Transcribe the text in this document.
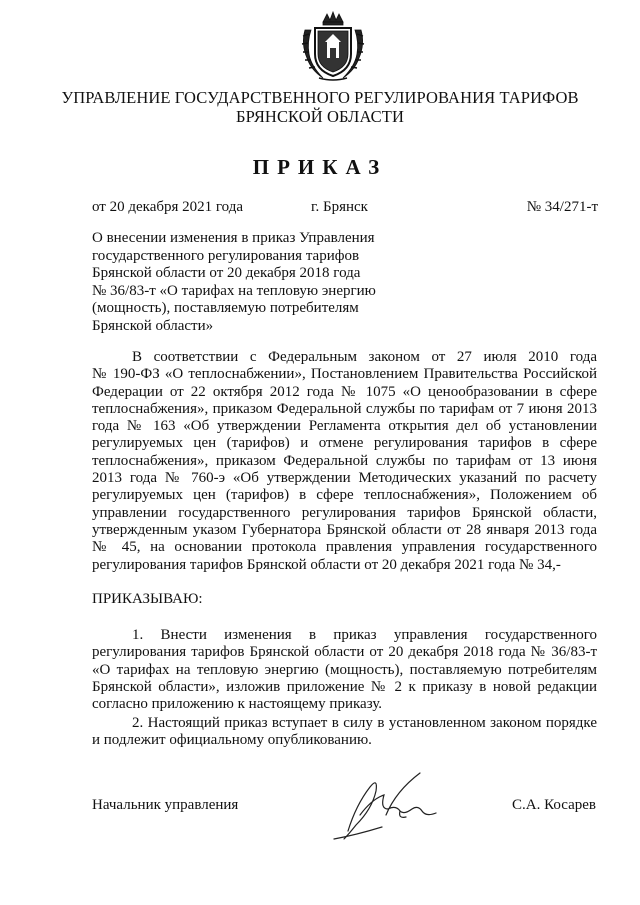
УПРАВЛЕНИЕ ГОСУДАРСТВЕННОГО РЕГУЛИРОВАНИЯ ТАРИФОВ
БРЯНСКОЙ ОБЛАСТИ
ПРИКАЗ
от 20 декабря 2021 года	г. Брянск	№ 34/271-т
О внесении изменения в приказ Управления
государственного регулирования тарифов
Брянской области от 20 декабря 2018 года
№ 36/83-т «О тарифах на тепловую энергию
(мощность), поставляемую потребителям
Брянской области»
В соответствии с Федеральным законом от 27 июля 2010 года
№ 190-ФЗ «О теплоснабжении», Постановлением Правительства Российской
Федерации от 22 октября 2012 года № 1075 «О ценообразовании в сфере
теплоснабжения», приказом Федеральной службы по тарифам от 7 июня 2013
года № 163 «Об утверждении Регламента открытия дел об установлении
регулируемых цен (тарифов) и отмене регулирования тарифов в сфере
теплоснабжения», приказом Федеральной службы по тарифам от 13 июня
2013 года № 760-э «Об утверждении Методических указаний по расчету
регулируемых цен (тарифов) в сфере теплоснабжения», Положением об
управлении государственного регулирования тарифов Брянской области,
утвержденным указом Губернатора Брянской области от 28 января 2013 года
№ 45, на основании протокола правления управления государственного
регулирования тарифов Брянской области от 20 декабря 2021 года № 34,-
ПРИКАЗЫВАЮ:
1. Внести изменения в приказ управления государственного
регулирования тарифов Брянской области от 20 декабря 2018 года № 36/83-т
«О тарифах на тепловую энергию (мощность), поставляемую потребителям
Брянской области», изложив приложение № 2 к приказу в новой редакции
согласно приложению к настоящему приказу.
2. Настоящий приказ вступает в силу в установленном законом порядке
и подлежит официальному опубликованию.
Начальник управления	С.А. Косарев
